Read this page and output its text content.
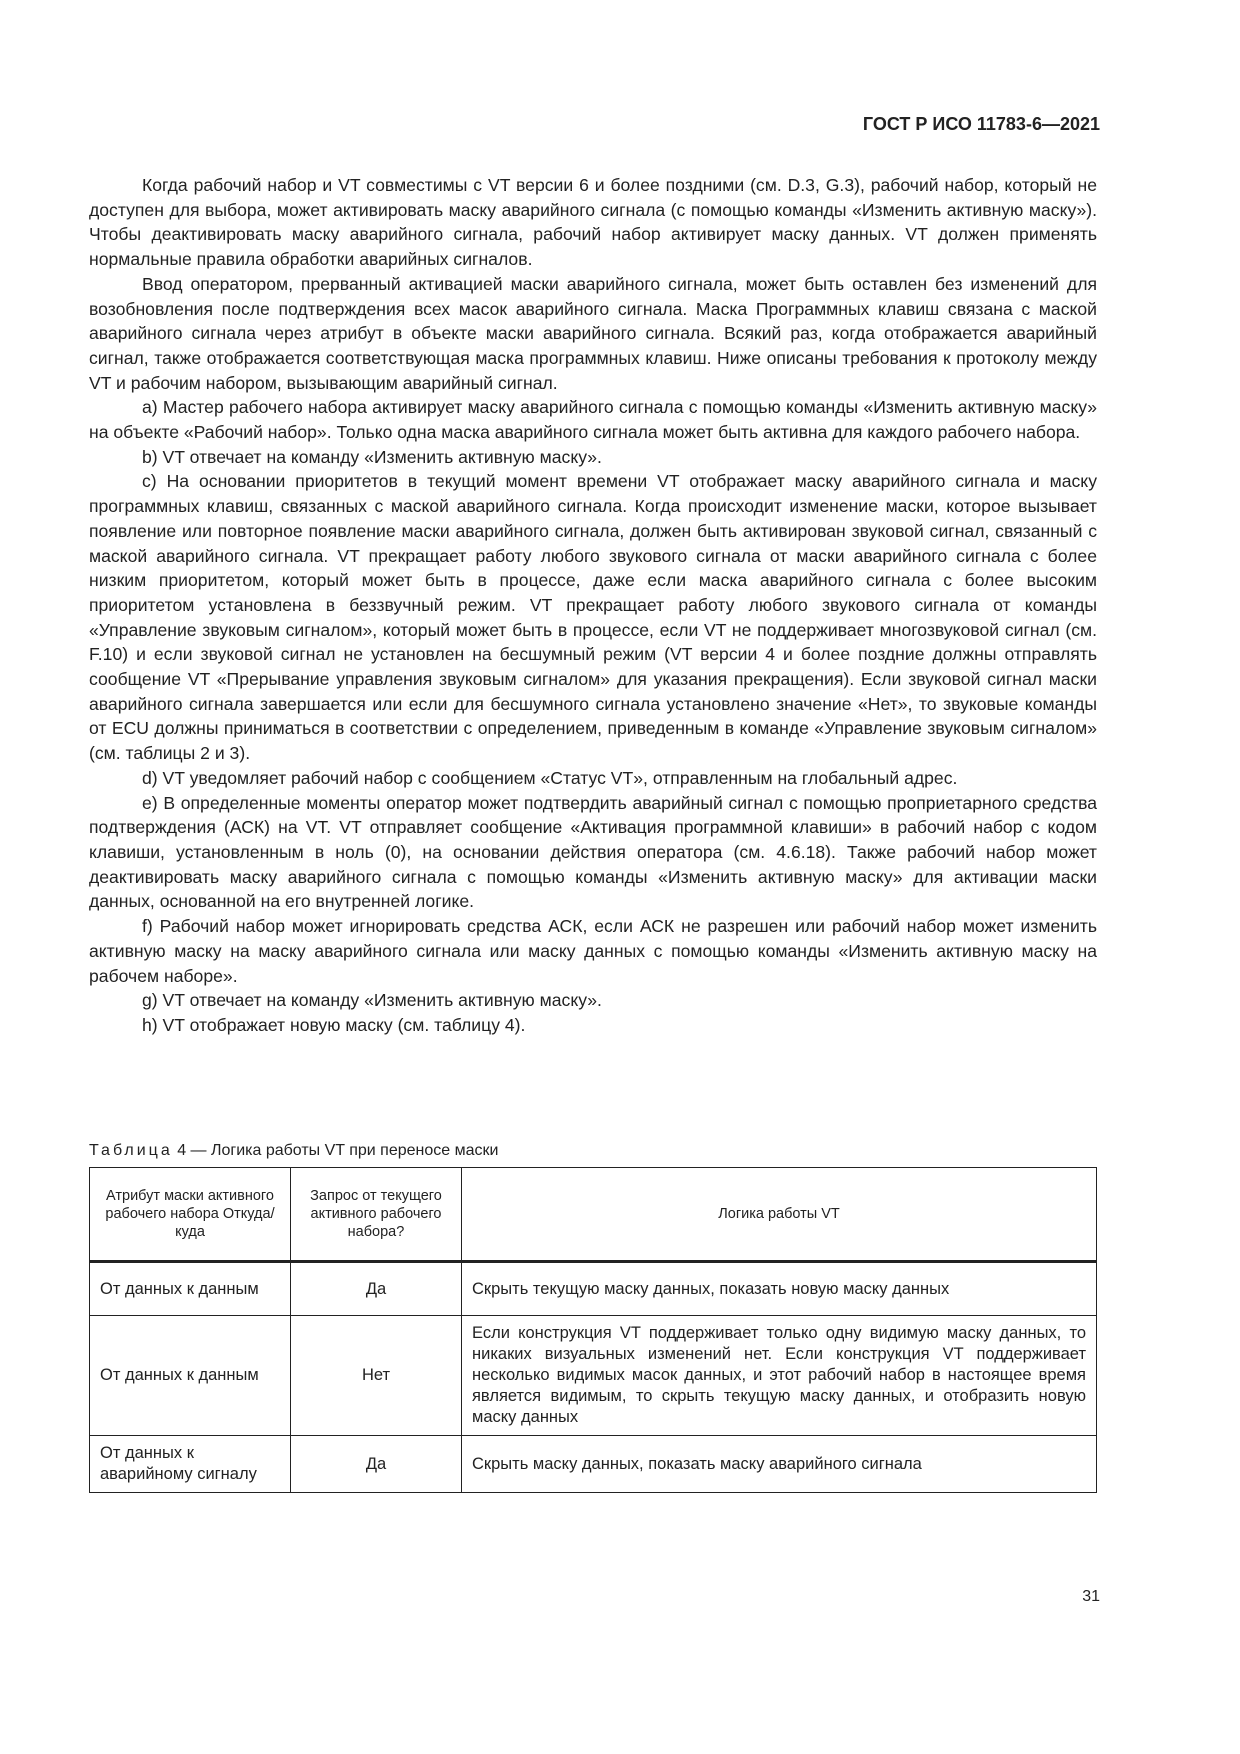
ГОСТ Р ИСО 11783-6—2021

Когда рабочий набор и VT совместимы с VT версии 6 и более поздними (см. D.3, G.3), рабочий набор, который не доступен для выбора, может активировать маску аварийного сигнала (с помощью команды «Изменить активную маску»). Чтобы деактивировать маску аварийного сигнала, рабочий набор активирует маску данных. VT должен применять нормальные правила обработки аварийных сигналов.

Ввод оператором, прерванный активацией маски аварийного сигнала, может быть оставлен без изменений для возобновления после подтверждения всех масок аварийного сигнала. Маска Программных клавиш связана с маской аварийного сигнала через атрибут в объекте маски аварийного сигнала. Всякий раз, когда отображается аварийный сигнал, также отображается соответствующая маска программных клавиш. Ниже описаны требования к протоколу между VT и рабочим набором, вызывающим аварийный сигнал.

a) Мастер рабочего набора активирует маску аварийного сигнала с помощью команды «Изменить активную маску» на объекте «Рабочий набор». Только одна маска аварийного сигнала может быть активна для каждого рабочего набора.

b) VT отвечает на команду «Изменить активную маску».

c) На основании приоритетов в текущий момент времени VT отображает маску аварийного сигнала и маску программных клавиш, связанных с маской аварийного сигнала. Когда происходит изменение маски, которое вызывает появление или повторное появление маски аварийного сигнала, должен быть активирован звуковой сигнал, связанный с маской аварийного сигнала. VT прекращает работу любого звукового сигнала от маски аварийного сигнала с более низким приоритетом, который может быть в процессе, даже если маска аварийного сигнала с более высоким приоритетом установлена в беззвучный режим. VT прекращает работу любого звукового сигнала от команды «Управление звуковым сигналом», который может быть в процессе, если VT не поддерживает многозвуковой сигнал (см. F.10) и если звуковой сигнал не установлен на бесшумный режим (VT версии 4 и более поздние должны отправлять сообщение VT «Прерывание управления звуковым сигналом» для указания прекращения). Если звуковой сигнал маски аварийного сигнала завершается или если для бесшумного сигнала установлено значение «Нет», то звуковые команды от ECU должны приниматься в соответствии с определением, приведенным в команде «Управление звуковым сигналом» (см. таблицы 2 и 3).

d) VT уведомляет рабочий набор с сообщением «Статус VT», отправленным на глобальный адрес.

e) В определенные моменты оператор может подтвердить аварийный сигнал с помощью проприетарного средства подтверждения (АСК) на VT. VT отправляет сообщение «Активация программной клавиши» в рабочий набор с кодом клавиши, установленным в ноль (0), на основании действия оператора (см. 4.6.18). Также рабочий набор может деактивировать маску аварийного сигнала с помощью команды «Изменить активную маску» для активации маски данных, основанной на его внутренней логике.

f) Рабочий набор может игнорировать средства АСК, если АСК не разрешен или рабочий набор может изменить активную маску на маску аварийного сигнала или маску данных с помощью команды «Изменить активную маску на рабочем наборе».

g) VT отвечает на команду «Изменить активную маску».

h) VT отображает новую маску (см. таблицу 4).

Таблица 4 — Логика работы VT при переносе маски
Атрибут маски активного рабочего набора Откуда/куда	Запрос от текущего активного рабочего набора?	Логика работы VT
От данных к данным	Да	Скрыть текущую маску данных, показать новую маску данных
От данных к данным	Нет	Если конструкция VT поддерживает только одну видимую маску данных, то никаких визуальных изменений нет. Если конструкция VT поддерживает несколько видимых масок данных, и этот рабочий набор в настоящее время является видимым, то скрыть текущую маску данных, и отобразить новую маску данных
От данных к аварийному сигналу	Да	Скрыть маску данных, показать маску аварийного сигнала
31
